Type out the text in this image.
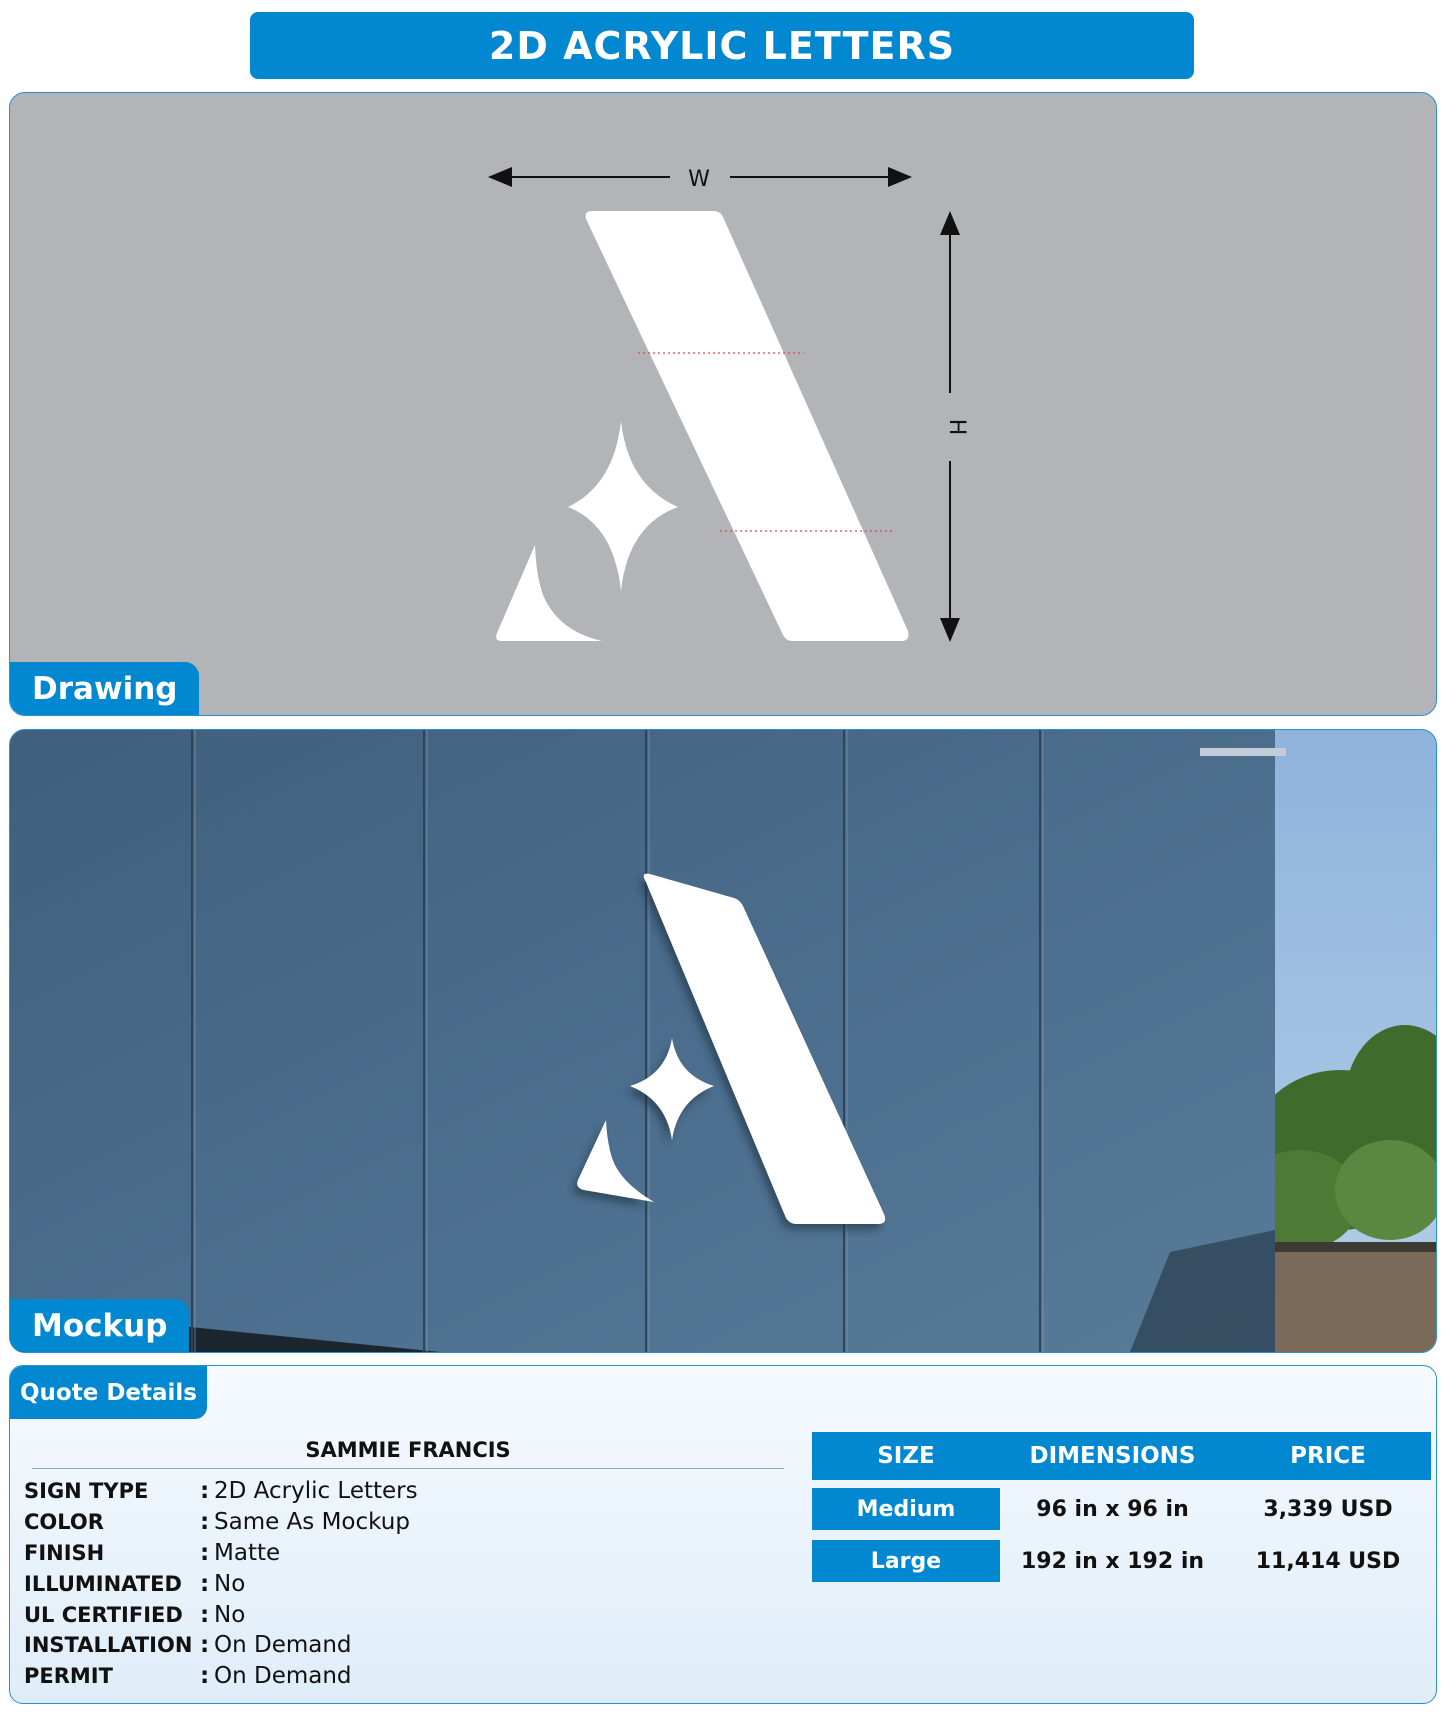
2D ACRYLIC LETTERS
W
H
Drawing
Mockup
Quote Details
SAMMIE FRANCIS
SIGN TYPE	: 2D Acrylic Letters
COLOR	: Same As Mockup
FINISH	: Matte
ILLUMINATED : No
UL CERTIFIED : No
INSTALLATION : On Demand
PERMIT	: On Demand
SIZE	DIMENSIONS	PRICE
Medium	96 in x 96 in	3,339 USD
Large	192 in x 192 in	11,414 USD
